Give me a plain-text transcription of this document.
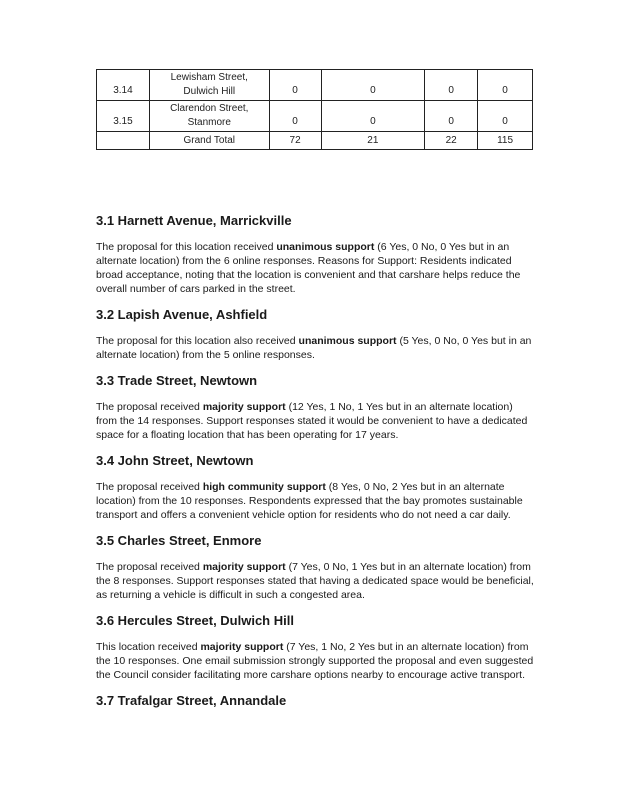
3.14	Lewisham Street, Dulwich Hill	0	0	0	0
3.15	Clarendon Street, Stanmore	0	0	0	0
	Grand Total	72	21	22	115
3.1 Harnett Avenue, Marrickville

The proposal for this location received unanimous support (6 Yes, 0 No, 0 Yes but in an alternate location) from the 6 online responses. Reasons for Support: Residents indicated broad acceptance, noting that the location is convenient and that carshare helps reduce the overall number of cars parked in the street.

3.2 Lapish Avenue, Ashfield

The proposal for this location also received unanimous support (5 Yes, 0 No, 0 Yes but in an alternate location) from the 5 online responses.

3.3 Trade Street, Newtown

The proposal received majority support (12 Yes, 1 No, 1 Yes but in an alternate location) from the 14 responses. Support responses stated it would be convenient to have a dedicated space for a floating location that has been operating for 17 years.

3.4 John Street, Newtown

The proposal received high community support (8 Yes, 0 No, 2 Yes but in an alternate location) from the 10 responses. Respondents expressed that the bay promotes sustainable transport and offers a convenient vehicle option for residents who do not need a car daily.

3.5 Charles Street, Enmore

The proposal received majority support (7 Yes, 0 No, 1 Yes but in an alternate location) from the 8 responses. Support responses stated that having a dedicated space would be beneficial, as returning a vehicle is difficult in such a congested area.

3.6 Hercules Street, Dulwich Hill

This location received majority support (7 Yes, 1 No, 2 Yes but in an alternate location) from the 10 responses. One email submission strongly supported the proposal and even suggested the Council consider facilitating more carshare options nearby to encourage active transport.

3.7 Trafalgar Street, Annandale
